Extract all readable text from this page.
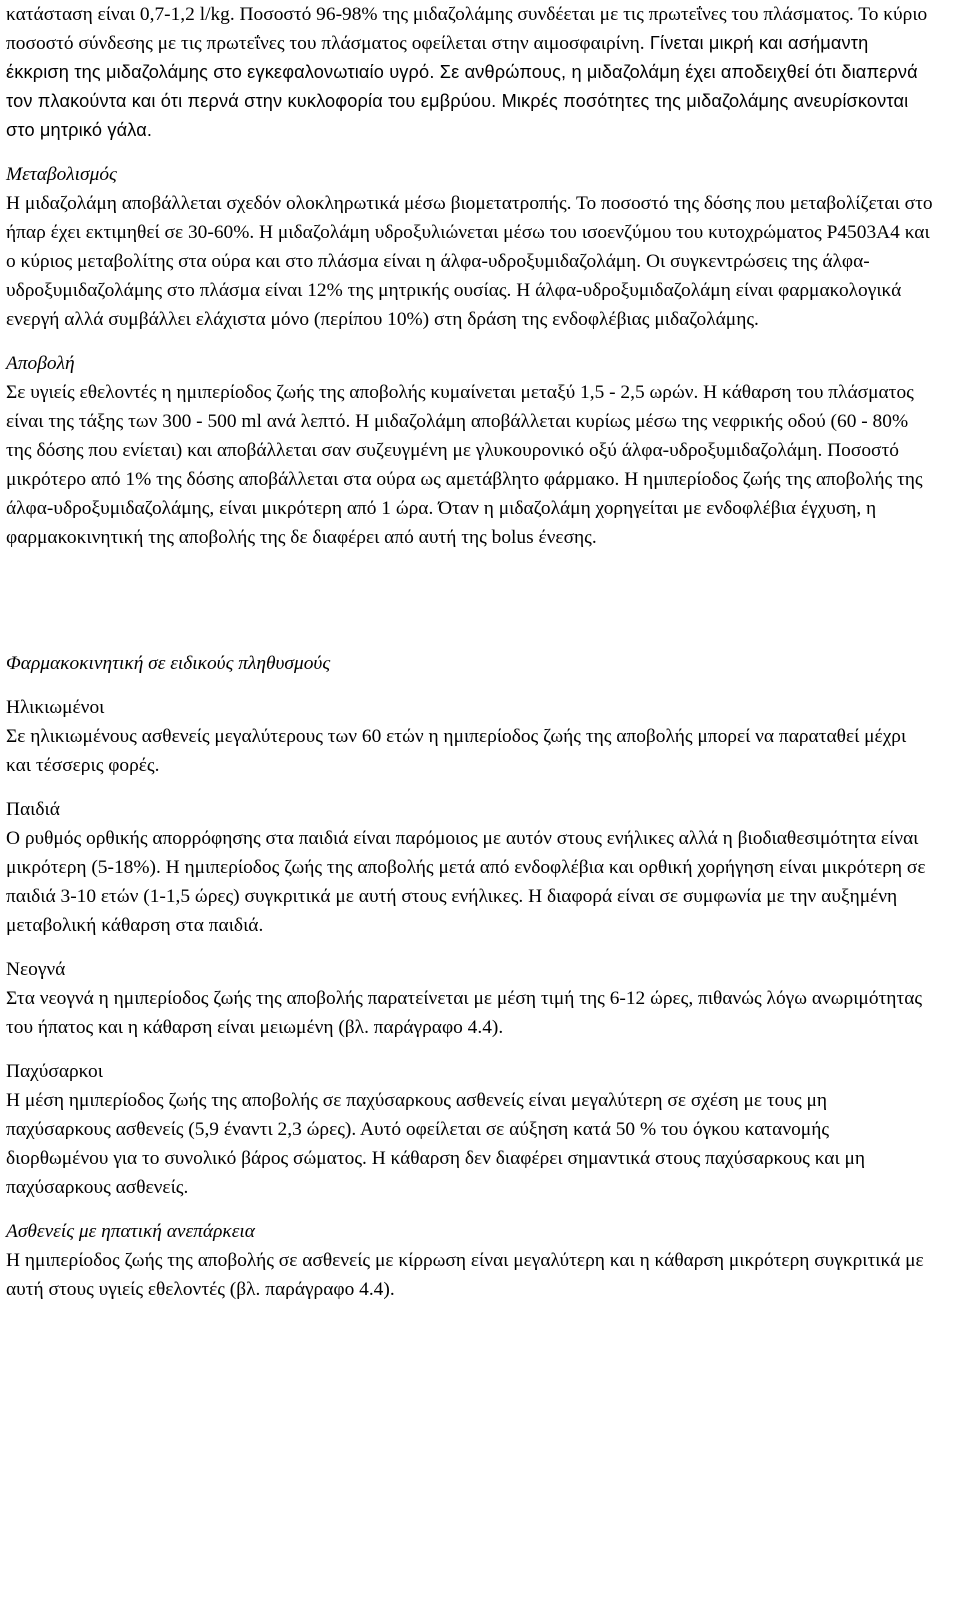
κατάσταση είναι 0,7-1,2 l/kg. Ποσοστό 96-98% της μιδαζολάμης συνδέεται με τις πρωτεΐνες του πλάσματος. Το κύριο ποσοστό σύνδεσης με τις πρωτεΐνες του πλάσματος οφείλεται στην αιμοσφαιρίνη. Γίνεται μικρή και ασήμαντη έκκριση της μιδαζολάμης στο εγκεφαλονωτιαίο υγρό. Σε ανθρώπους, η μιδαζολάμη έχει αποδειχθεί ότι διαπερνά τον πλακούντα και ότι περνά στην κυκλοφορία του εμβρύου. Μικρές ποσότητες της μιδαζολάμης ανευρίσκονται στο μητρικό γάλα.

Μεταβολισμός

Η μιδαζολάμη αποβάλλεται σχεδόν ολοκληρωτικά μέσω βιομετατροπής. Το ποσοστό της δόσης που μεταβολίζεται στο ήπαρ έχει εκτιμηθεί σε 30-60%. Η μιδαζολάμη υδροξυλιώνεται μέσω του ισοενζύμου του κυτοχρώματος P4503A4 και ο κύριος μεταβολίτης στα ούρα και στο πλάσμα είναι η άλφα-υδροξυμιδαζολάμη. Οι συγκεντρώσεις της άλφα-υδροξυμιδαζολάμης στο πλάσμα είναι 12% της μητρικής ουσίας. Η άλφα-υδροξυμιδαζολάμη είναι φαρμακολογικά ενεργή αλλά συμβάλλει ελάχιστα μόνο (περίπου 10%) στη δράση της ενδοφλέβιας μιδαζολάμης.

Αποβολή

Σε υγιείς εθελοντές η ημιπερίοδος ζωής της αποβολής κυμαίνεται μεταξύ 1,5 - 2,5 ωρών. Η κάθαρση του πλάσματος είναι της τάξης των 300 - 500 ml ανά λεπτό. Η μιδαζολάμη αποβάλλεται κυρίως μέσω της νεφρικής οδού (60 - 80% της δόσης που ενίεται) και αποβάλλεται σαν συζευγμένη με γλυκουρονικό οξύ άλφα-υδροξυμιδαζολάμη. Ποσοστό μικρότερο από 1% της δόσης αποβάλλεται στα ούρα ως αμετάβλητο φάρμακο. Η ημιπερίοδος ζωής της αποβολής της άλφα-υδροξυμιδαζολάμης, είναι μικρότερη από 1 ώρα. Όταν η μιδαζολάμη χορηγείται με ενδοφλέβια έγχυση, η φαρμακοκινητική της αποβολής της δε διαφέρει από αυτή της bolus ένεσης.

Φαρμακοκινητική σε ειδικούς πληθυσμούς

Ηλικιωμένοι

Σε ηλικιωμένους ασθενείς μεγαλύτερους των 60 ετών η ημιπερίοδος ζωής της αποβολής μπορεί να παραταθεί μέχρι και τέσσερις φορές.

Παιδιά

Ο ρυθμός ορθικής απορρόφησης στα παιδιά είναι παρόμοιος με αυτόν στους ενήλικες αλλά η βιοδιαθεσιμότητα είναι μικρότερη (5-18%). Η ημιπερίοδος ζωής της αποβολής μετά από ενδοφλέβια και ορθική χορήγηση είναι μικρότερη σε παιδιά 3-10 ετών (1-1,5 ώρες) συγκριτικά με αυτή στους ενήλικες. Η διαφορά είναι σε συμφωνία με την αυξημένη μεταβολική κάθαρση στα παιδιά.

Νεογνά

Στα νεογνά η ημιπερίοδος ζωής της αποβολής παρατείνεται με μέση τιμή της 6-12 ώρες, πιθανώς λόγω ανωριμότητας του ήπατος και η κάθαρση είναι μειωμένη (βλ. παράγραφο 4.4).

Παχύσαρκοι

Η μέση ημιπερίοδος ζωής της αποβολής σε παχύσαρκους ασθενείς είναι μεγαλύτερη σε σχέση με τους μη παχύσαρκους ασθενείς (5,9 έναντι 2,3 ώρες). Αυτό οφείλεται σε αύξηση κατά 50 % του όγκου κατανομής διορθωμένου για το συνολικό βάρος σώματος. Η κάθαρση δεν διαφέρει σημαντικά στους παχύσαρκους και μη παχύσαρκους ασθενείς.

Ασθενείς με ηπατική ανεπάρκεια

Η ημιπερίοδος ζωής της αποβολής σε ασθενείς με κίρρωση είναι μεγαλύτερη και η κάθαρση μικρότερη συγκριτικά με αυτή στους υγιείς εθελοντές (βλ. παράγραφο 4.4).
